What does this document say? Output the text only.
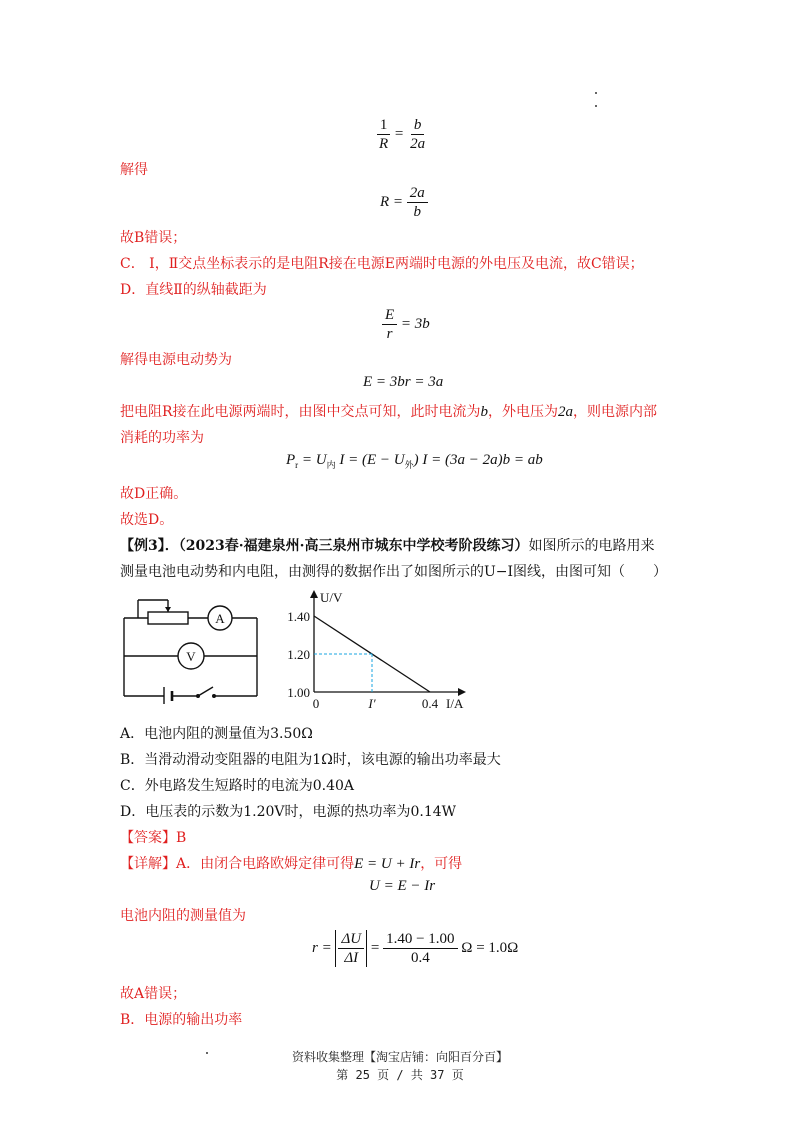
$\frac{1}{R} = \frac{b}{2a}$
解得
$R = \frac{2a}{b}$
故B错误；
C． Ⅰ，Ⅱ交点坐标表示的是电阻R接在电源E两端时电源的外电压及电流，故C错误；
D．直线Ⅱ的纵轴截距为
$\frac{E}{r} = 3b$
解得电源电动势为
E = 3br = 3a
把电阻R接在此电源两端时，由图中交点可知，此时电流为b，外电压为2a，则电源内部
消耗的功率为
$P_r = U_内$ $I = (E - U_外)$ I = (3a − 2a)b = ab
故D正确。
故选D。
【例3】．（2023春·福建泉州·高三泉州市城东中学校考阶段练习）如图所示的电路用来
测量电池电动势和内电阻，由测得的数据作出了如图所示的U−I图线，由图可知（　　）
A
V
1.40
1.20
1.00
0	I′	0.4 I/A
U/V
A．电池内阻的测量值为3.50Ω
B．当滑动滑动变阻器的电阻为1Ω时，该电源的输出功率最大
C．外电路发生短路时的电流为0.40A
D．电压表的示数为1.20V时，电源的热功率为0.14W
【答案】B
【详解】A．由闭合电路欧姆定律可得E = U + Ir，可得
U = E − Ir
电池内阻的测量值为
$r = \frac{\Delta U}{\Delta I} = \frac{1.40 - 1.00}{0.4}$ Ω = 1.0Ω
故A错误；
B．电源的输出功率
资料收集整理【淘宝店铺：向阳百分百】
第 25 页 / 共 37 页
